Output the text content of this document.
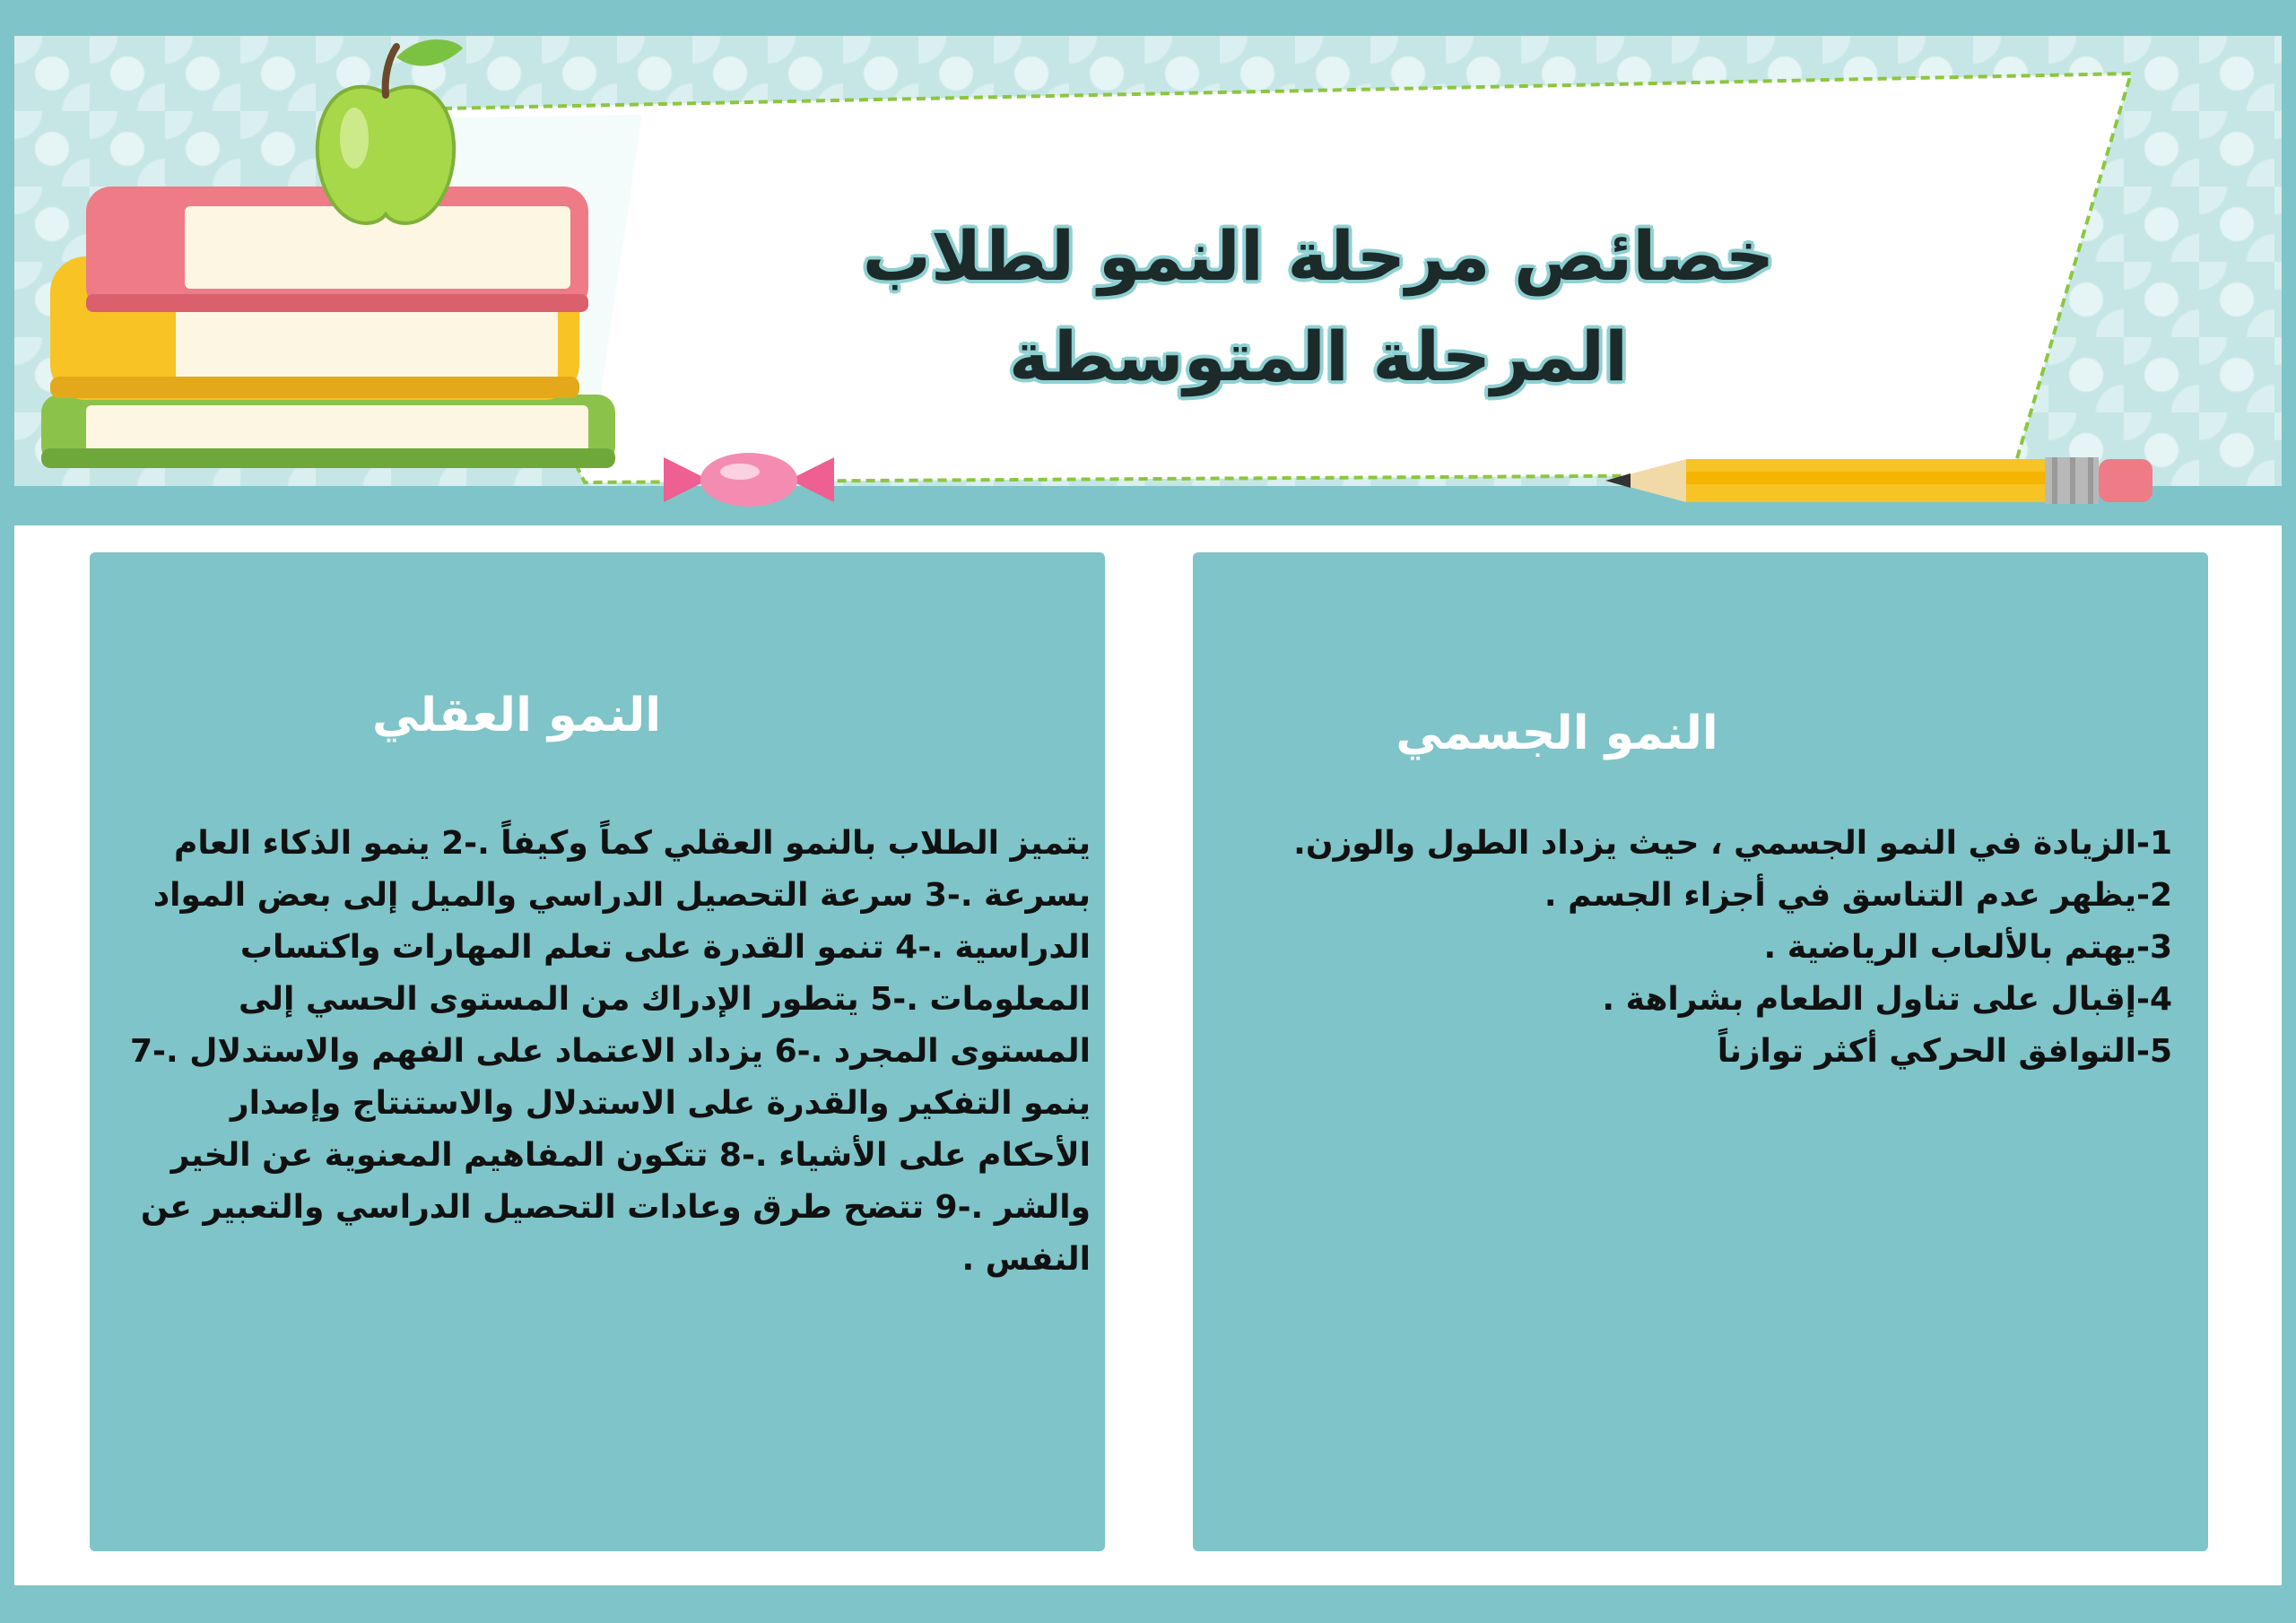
خصائص مرحلة النمو لطلاب
المرحلة المتوسطة
النمو العقلي

يتميز الطلاب بالنمو العقلي كماً وكيفاً .-2 ينمو الذكاء العام بسرعة .-3 سرعة التحصيل الدراسي والميل إلى بعض المواد الدراسية .-4 تنمو القدرة على تعلم المهارات واكتساب المعلومات .-5 يتطور الإدراك من المستوى الحسي إلى المستوى المجرد .-6 يزداد الاعتماد على الفهم والاستدلال .-7 ينمو التفكير والقدرة على الاستدلال والاستنتاج وإصدار الأحكام على الأشياء .-8 تتكون المفاهيم المعنوية عن الخير والشر .-9 تتضح طرق وعادات التحصيل الدراسي والتعبير عن النفس .

النمو الجسمي
1-الزيادة في النمو الجسمي ، حيث يزداد الطول والوزن.
2-يظهر عدم التناسق في أجزاء الجسم .
3-يهتم بالألعاب الرياضية .
4-إقبال على تناول الطعام بشراهة .
5-التوافق الحركي أكثر توازناً
